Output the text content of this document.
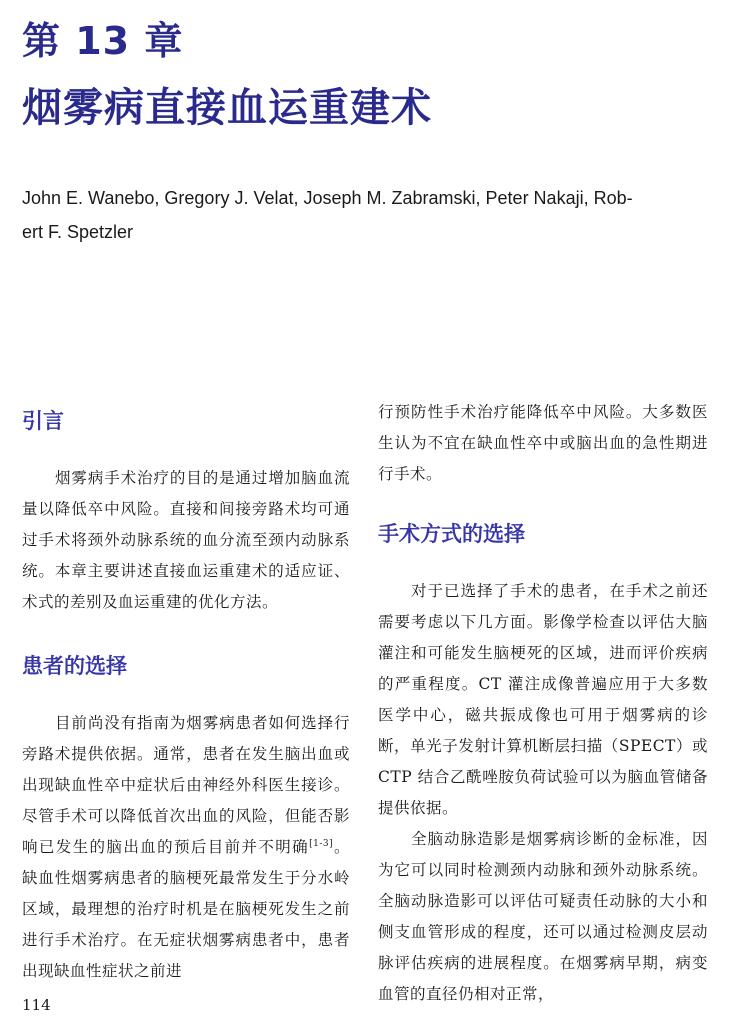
第 13 章
烟雾病直接血运重建术
John E. Wanebo, Gregory J. Velat, Joseph M. Zabramski, Peter Nakaji, Rob-
ert F. Spetzler
引言

烟雾病手术治疗的目的是通过增加脑血流量以降低卒中风险。直接和间接旁路术均可通过手术将颈外动脉系统的血分流至颈内动脉系统。本章主要讲述直接血运重建术的适应证、术式的差别及血运重建的优化方法。

患者的选择

目前尚没有指南为烟雾病患者如何选择行旁路术提供依据。通常，患者在发生脑出血或出现缺血性卒中症状后由神经外科医生接诊。尽管手术可以降低首次出血的风险，但能否影响已发生的脑出血的预后目前并不明确[1-3]。缺血性烟雾病患者的脑梗死最常发生于分水岭区域，最理想的治疗时机是在脑梗死发生之前进行手术治疗。在无症状烟雾病患者中，患者出现缺血性症状之前进

行预防性手术治疗能降低卒中风险。大多数医生认为不宜在缺血性卒中或脑出血的急性期进行手术。

手术方式的选择

对于已选择了手术的患者，在手术之前还需要考虑以下几方面。影像学检查以评估大脑灌注和可能发生脑梗死的区域，进而评价疾病的严重程度。CT 灌注成像普遍应用于大多数医学中心，磁共振成像也可用于烟雾病的诊断，单光子发射计算机断层扫描（SPECT）或 CTP 结合乙酰唑胺负荷试验可以为脑血管储备提供依据。

全脑动脉造影是烟雾病诊断的金标准，因为它可以同时检测颈内动脉和颈外动脉系统。全脑动脉造影可以评估可疑责任动脉的大小和侧支血管形成的程度，还可以通过检测皮层动脉评估疾病的进展程度。在烟雾病早期，病变血管的直径仍相对正常，

114
